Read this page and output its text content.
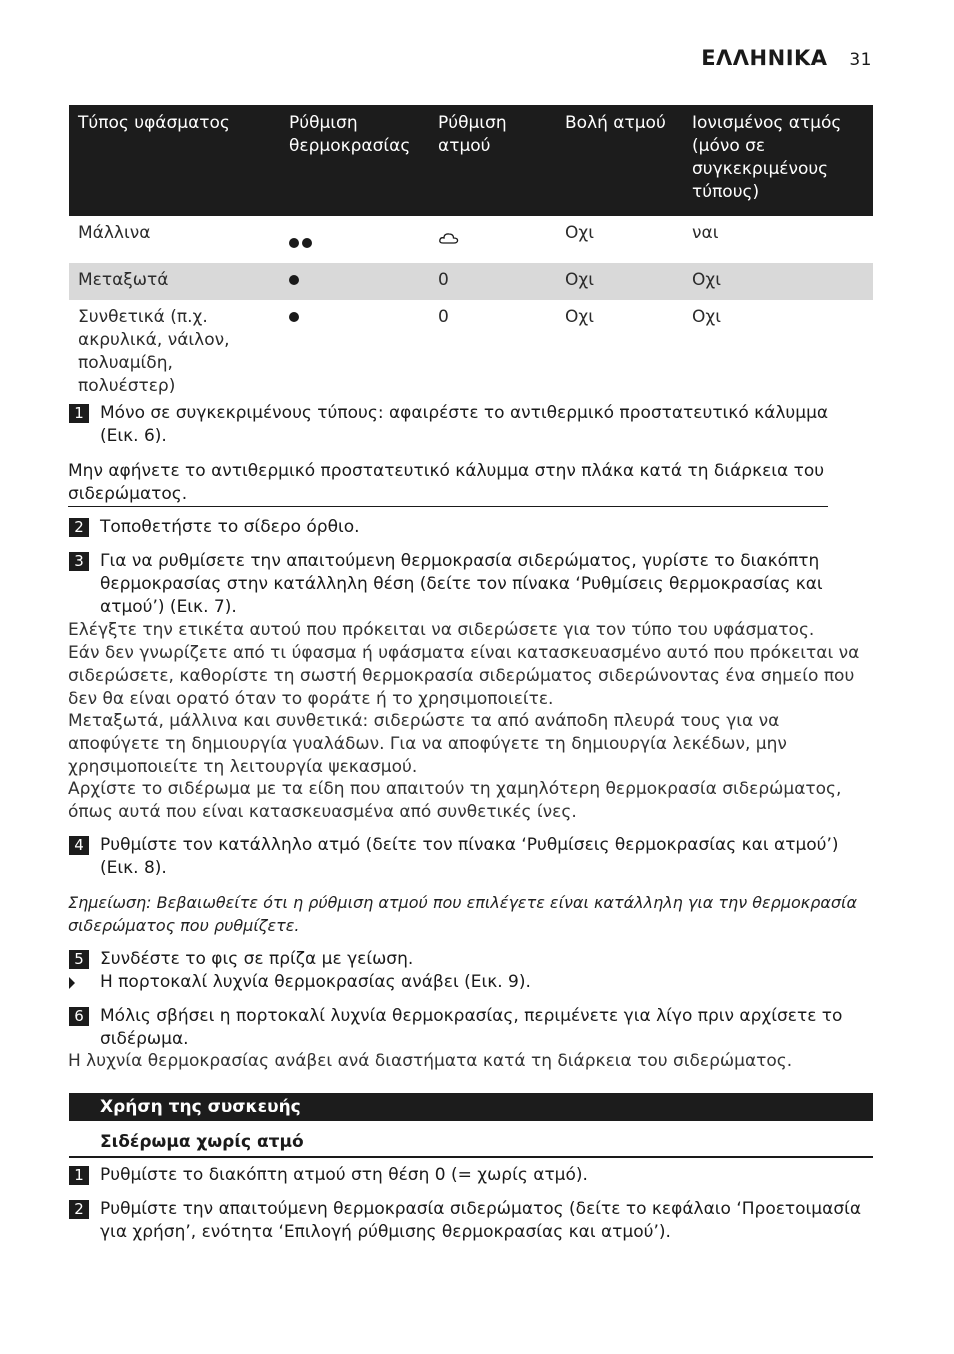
ΕΛΛΗΝΙΚΑ 31
Τύπος υφάσματος	Ρύθμιση θερμοκρασίας	Ρύθμιση ατμού	Βολή ατμού	Ιονισμένος ατμός (μόνο σε συγκεκριμένους τύπους)
Μάλλινα			Οχι	ναι
Μεταξωτά		0	Οχι	Οχι
Συνθετικά (π.χ. ακρυλικά, νάιλον, πολυαμίδη, πολυέστερ)		0	Οχι	Οχι
1 Μόνο σε συγκεκριμένους τύπους: αφαιρέστε το αντιθερμικό προστατευτικό κάλυμμα (Εικ. 6).
Μην αφήνετε το αντιθερμικό προστατευτικό κάλυμμα στην πλάκα κατά τη διάρκεια του σιδερώματος.
2 Τοποθετήστε το σίδερο όρθιο.
3 Για να ρυθμίσετε την απαιτούμενη θερμοκρασία σιδερώματος, γυρίστε το διακόπτη θερμοκρασίας στην κατάλληλη θέση (δείτε τον πίνακα ‘Ρυθμίσεις θερμοκρασίας και ατμού’) (Εικ. 7).
Ελέγξτε την ετικέτα αυτού που πρόκειται να σιδερώσετε για τον τύπο του υφάσματος.
Εάν δεν γνωρίζετε από τι ύφασμα ή υφάσματα είναι κατασκευασμένο αυτό που πρόκειται να σιδερώσετε, καθορίστε τη σωστή θερμοκρασία σιδερώματος σιδερώνοντας ένα σημείο που δεν θα είναι ορατό όταν το φοράτε ή το χρησιμοποιείτε.
Μεταξωτά, μάλλινα και συνθετικά: σιδερώστε τα από ανάποδη πλευρά τους για να αποφύγετε τη δημιουργία γυαλάδων. Για να αποφύγετε τη δημιουργία λεκέδων, μην χρησιμοποιείτε τη λειτουργία ψεκασμού.
Αρχίστε το σιδέρωμα με τα είδη που απαιτούν τη χαμηλότερη θερμοκρασία σιδερώματος, όπως αυτά που είναι κατασκευασμένα από συνθετικές ίνες.
4 Ρυθμίστε τον κατάλληλο ατμό (δείτε τον πίνακα ‘Ρυθμίσεις θερμοκρασίας και ατμού’) (Εικ. 8).
Σημείωση: Βεβαιωθείτε ότι η ρύθμιση ατμού που επιλέγετε είναι κατάλληλη για την θερμοκρασία σιδερώματος που ρυθμίζετε.
5 Συνδέστε το φις σε πρίζα με γείωση.
Η πορτοκαλί λυχνία θερμοκρασίας ανάβει (Εικ. 9).
6 Μόλις σβήσει η πορτοκαλί λυχνία θερμοκρασίας, περιμένετε για λίγο πριν αρχίσετε το σιδέρωμα.
Η λυχνία θερμοκρασίας ανάβει ανά διαστήματα κατά τη διάρκεια του σιδερώματος.
Χρήση της συσκευής
Σιδέρωμα χωρίς ατμό
1 Ρυθμίστε το διακόπτη ατμού στη θέση 0 (= χωρίς ατμό).
2 Ρυθμίστε την απαιτούμενη θερμοκρασία σιδερώματος (δείτε το κεφάλαιο ‘Προετοιμασία για χρήση’, ενότητα ‘Επιλογή ρύθμισης θερμοκρασίας και ατμού’).
